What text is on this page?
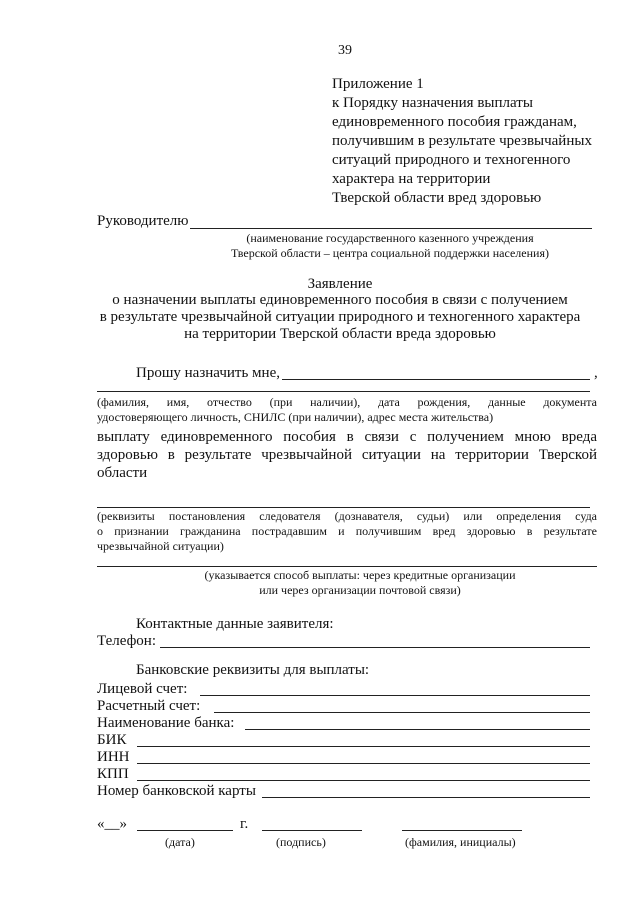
39
Приложение 1
к Порядку назначения выплаты
единовременного пособия гражданам,
получившим в результате чрезвычайных
ситуаций природного и техногенного
характера на территории
Тверской области вред здоровью
Руководителю
(наименование государственного казенного учреждения
Тверской области – центра социальной поддержки населения)
Заявление
о назначении выплаты единовременного пособия в связи с получением
в результате чрезвычайной ситуации природного и техногенного характера
на территории Тверской области вреда здоровью
Прошу назначить мне,	,
(фамилия, имя, отчество (при наличии), дата рождения, данные документа
удостоверяющего личность, СНИЛС (при наличии), адрес места жительства)
выплату единовременного пособия в связи с получением мною вреда
здоровью в результате чрезвычайной ситуации на территории Тверской
области
(реквизиты постановления следователя (дознавателя, судьи) или определения суда
о признании гражданина пострадавшим и получившим вред здоровью в результате
чрезвычайной ситуации)
(указывается способ выплаты: через кредитные организации
или через организации почтовой связи)
Контактные данные заявителя:
Телефон:
Банковские реквизиты для выплаты:
Лицевой счет:
Расчетный счет:
Наименование банка:
БИК
ИНН
КПП
Номер банковской карты
«__»	г.
(дата)	(подпись)	(фамилия, инициалы)
